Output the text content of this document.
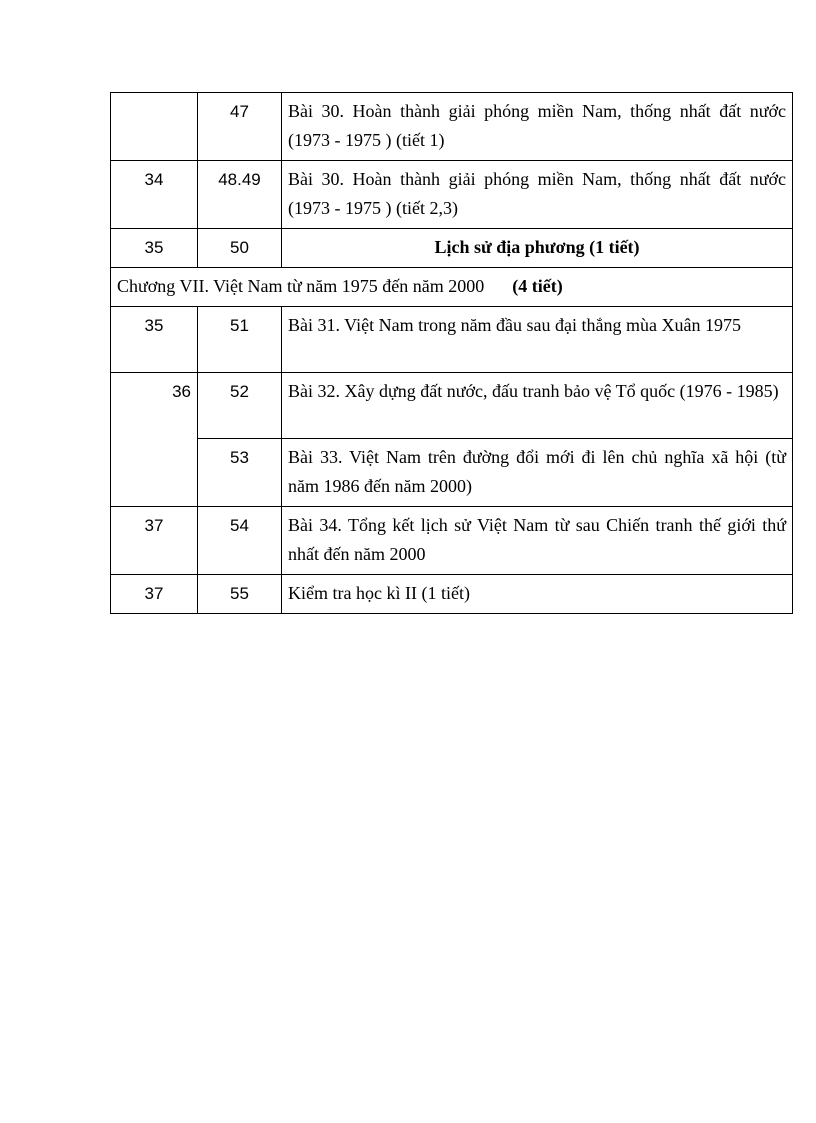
	47	Bài 30. Hoàn thành giải phóng miền Nam, thống nhất đất nước (1973 - 1975 ) (tiết 1)
34	48.49	Bài 30. Hoàn thành giải phóng miền Nam, thống nhất đất nước (1973 - 1975 ) (tiết 2,3)
35	50	Lịch sử địa phương (1 tiết)
Chương VII. Việt Nam từ năm 1975 đến năm 2000 (4 tiết)		
35	51	Bài 31. Việt Nam trong năm đầu sau đại thắng mùa Xuân 1975
36	52	Bài 32. Xây dựng đất nước, đấu tranh bảo vệ Tổ quốc (1976 - 1985)
	53	Bài 33. Việt Nam trên đường đổi mới đi lên chủ nghĩa xã hội (từ năm 1986 đến năm 2000)
37	54	Bài 34. Tổng kết lịch sử Việt Nam từ sau Chiến tranh thế giới thứ nhất đến năm 2000
37	55	Kiểm tra học kì II (1 tiết)
